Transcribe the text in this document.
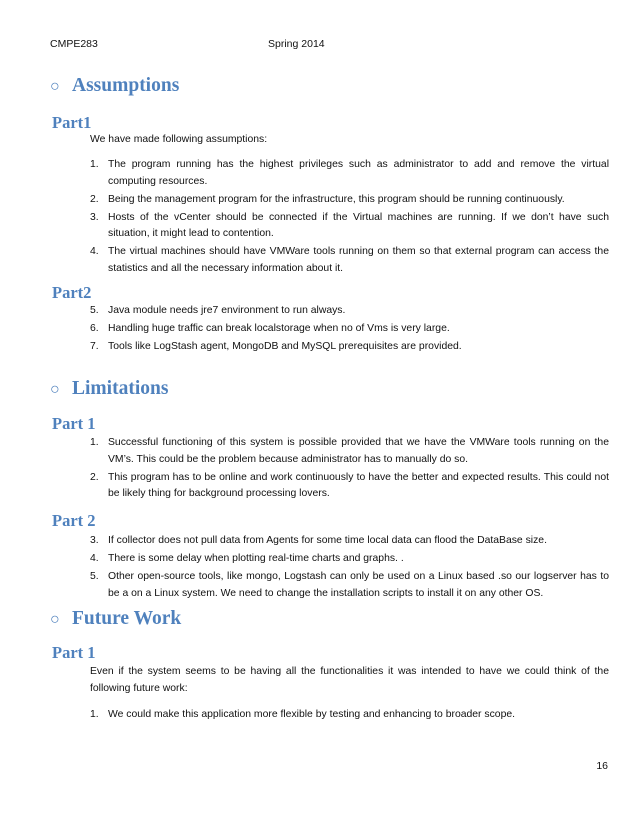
CMPE283	Spring 2014
○ Assumptions
Part1
We have made following assumptions:
1. The program running has the highest privileges such as administrator to add and remove the virtual computing resources.
2. Being the management program for the infrastructure, this program should be running continuously.
3. Hosts of the vCenter should be connected if the Virtual machines are running. If we don’t have such situation, it might lead to contention.
4. The virtual machines should have VMWare tools running on them so that external program can access the statistics and all the necessary information about it.
Part2
5. Java module needs jre7 environment to run always.
6. Handling huge traffic can break localstorage when no of Vms is very large.
7. Tools like LogStash agent, MongoDB and MySQL prerequisites are provided.
○ Limitations
Part 1
1. Successful functioning of this system is possible provided that we have the VMWare tools running on the VM’s. This could be the problem because administrator has to manually do so.
2. This program has to be online and work continuously to have the better and expected results. This could not be likely thing for background processing lovers.
Part 2
3. If collector does not pull data from Agents for some time local data can flood the DataBase size.
4. There is some delay when plotting real-time charts and graphs. .
5. Other open-source tools, like mongo, Logstash can only be used on a Linux based .so our logserver has to be a on a Linux system. We need to change the installation scripts to install it on any other OS.
○ Future Work
Part 1
Even if the system seems to be having all the functionalities it was intended to have we could think of the following future work:
1. We could make this application more flexible by testing and enhancing to broader scope.
16
